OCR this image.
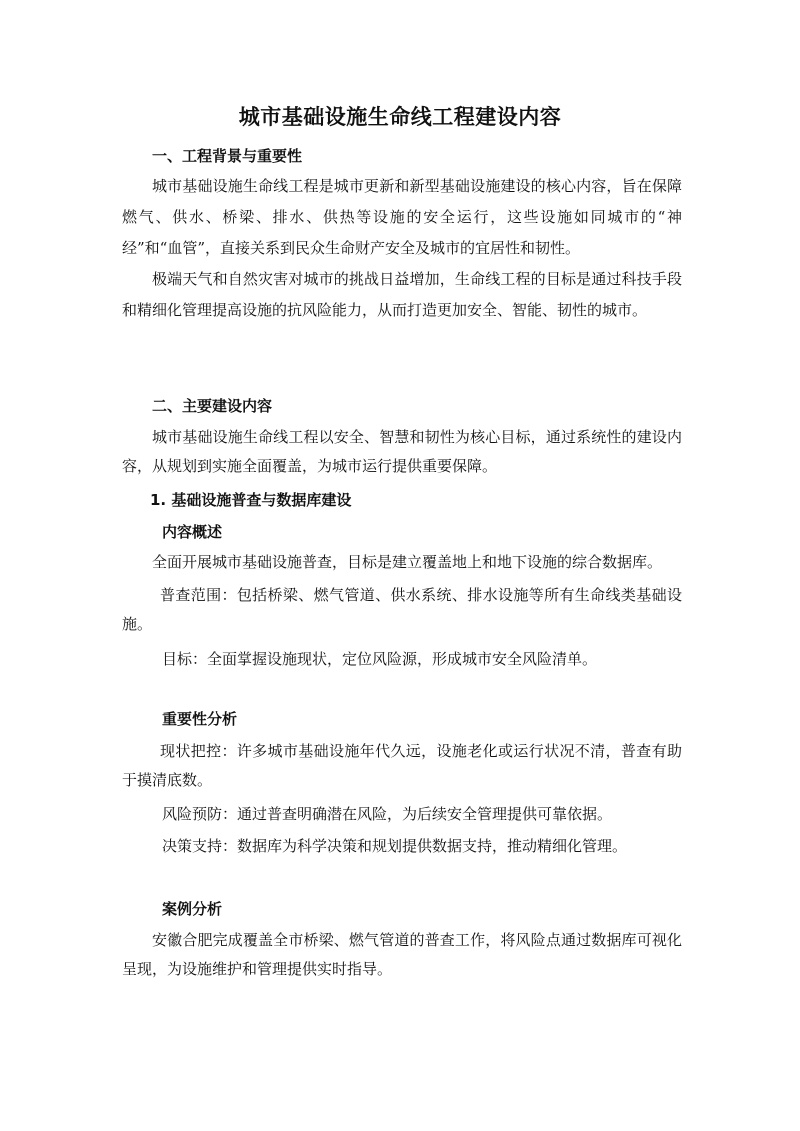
城市基础设施生命线工程建设内容
一、工程背景与重要性

城市基础设施生命线工程是城市更新和新型基础设施建设的核心内容，旨在保障燃气、供水、桥梁、排水、供热等设施的安全运行，这些设施如同城市的“神经”和“血管”，直接关系到民众生命财产安全及城市的宜居性和韧性。

极端天气和自然灾害对城市的挑战日益增加，生命线工程的目标是通过科技手段和精细化管理提高设施的抗风险能力，从而打造更加安全、智能、韧性的城市。

二、主要建设内容

城市基础设施生命线工程以安全、智慧和韧性为核心目标，通过系统性的建设内容，从规划到实施全面覆盖，为城市运行提供重要保障。

1. 基础设施普查与数据库建设
内容概述
全面开展城市基础设施普查，目标是建立覆盖地上和地下设施的综合数据库。

普查范围：包括桥梁、燃气管道、供水系统、排水设施等所有生命线类基础设施。

目标：全面掌握设施现状，定位风险源，形成城市安全风险清单。
重要性分析

现状把控：许多城市基础设施年代久远，设施老化或运行状况不清，普查有助于摸清底数。

风险预防：通过普查明确潜在风险，为后续安全管理提供可靠依据。
决策支持：数据库为科学决策和规划提供数据支持，推动精细化管理。
案例分析

安徽合肥完成覆盖全市桥梁、燃气管道的普查工作，将风险点通过数据库可视化呈现，为设施维护和管理提供实时指导。
